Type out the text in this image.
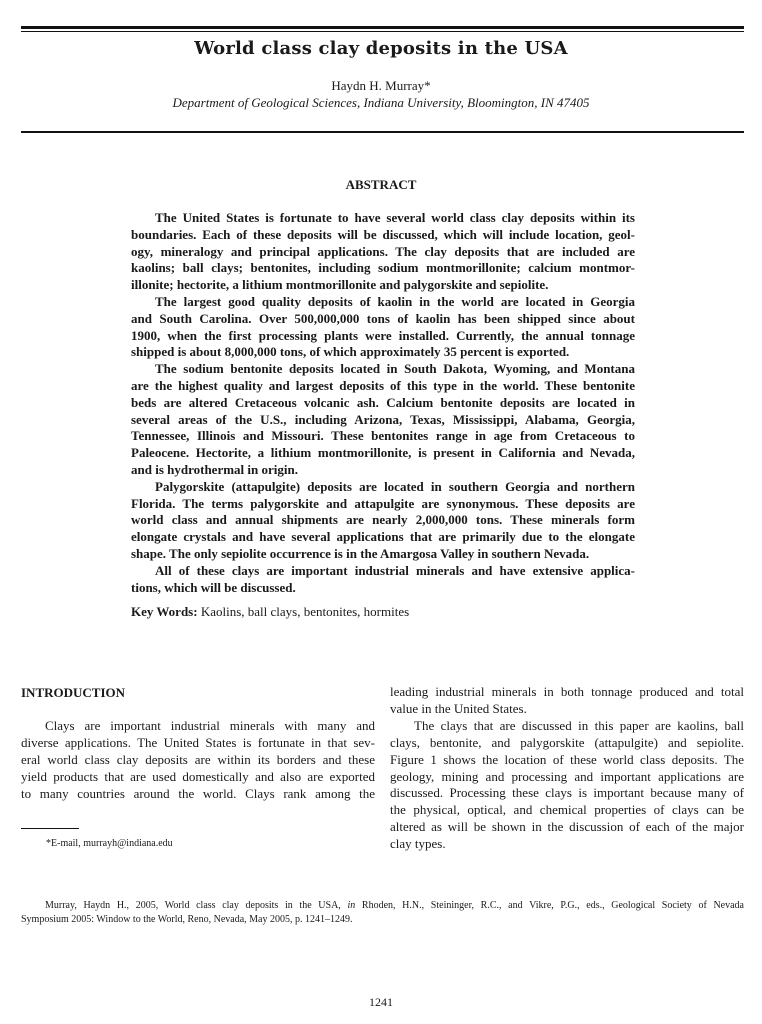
World class clay deposits in the USA
Haydn H. Murray*
Department of Geological Sciences, Indiana University, Bloomington, IN 47405
ABSTRACT
The United States is fortunate to have several world class clay deposits within its
boundaries. Each of these deposits will be discussed, which will include location, geol-
ogy, mineralogy and principal applications. The clay deposits that are included are
kaolins; ball clays; bentonites, including sodium montmorillonite; calcium montmor-
illonite; hectorite, a lithium montmorillonite and palygorskite and sepiolite.
The largest good quality deposits of kaolin in the world are located in Georgia
and South Carolina. Over 500,000,000 tons of kaolin has been shipped since about
1900, when the first processing plants were installed. Currently, the annual tonnage
shipped is about 8,000,000 tons, of which approximately 35 percent is exported.
The sodium bentonite deposits located in South Dakota, Wyoming, and Montana
are the highest quality and largest deposits of this type in the world. These bentonite
beds are altered Cretaceous volcanic ash. Calcium bentonite deposits are located in
several areas of the U.S., including Arizona, Texas, Mississippi, Alabama, Georgia,
Tennessee, Illinois and Missouri. These bentonites range in age from Cretaceous to
Paleocene. Hectorite, a lithium montmorillonite, is present in California and Nevada,
and is hydrothermal in origin.
Palygorskite (attapulgite) deposits are located in southern Georgia and northern
Florida. The terms palygorskite and attapulgite are synonymous. These deposits are
world class and annual shipments are nearly 2,000,000 tons. These minerals form
elongate crystals and have several applications that are primarily due to the elongate
shape. The only sepiolite occurrence is in the Amargosa Valley in southern Nevada.
All of these clays are important industrial minerals and have extensive applica-
tions, which will be discussed.
Key Words: Kaolins, ball clays, bentonites, hormites
INTRODUCTION
Clays are important industrial minerals with many and
diverse applications. The United States is fortunate in that sev-
eral world class clay deposits are within its borders and these
yield products that are used domestically and also are exported
to many countries around the world. Clays rank among the
leading industrial minerals in both tonnage produced and total
value in the United States.
The clays that are discussed in this paper are kaolins, ball
clays, bentonite, and palygorskite (attapulgite) and sepiolite.
Figure 1 shows the location of these world class deposits. The
geology, mining and processing and important applications are
discussed. Processing these clays is important because many of
the physical, optical, and chemical properties of clays can be
altered as will be shown in the discussion of each of the major
clay types.
*E-mail, murrayh@indiana.edu
Murray, Haydn H., 2005, World class clay deposits in the USA, in Rhoden, H.N., Steininger, R.C., and Vikre, P.G., eds., Geological Society of Nevada
Symposium 2005: Window to the World, Reno, Nevada, May 2005, p. 1241–1249.
1241
